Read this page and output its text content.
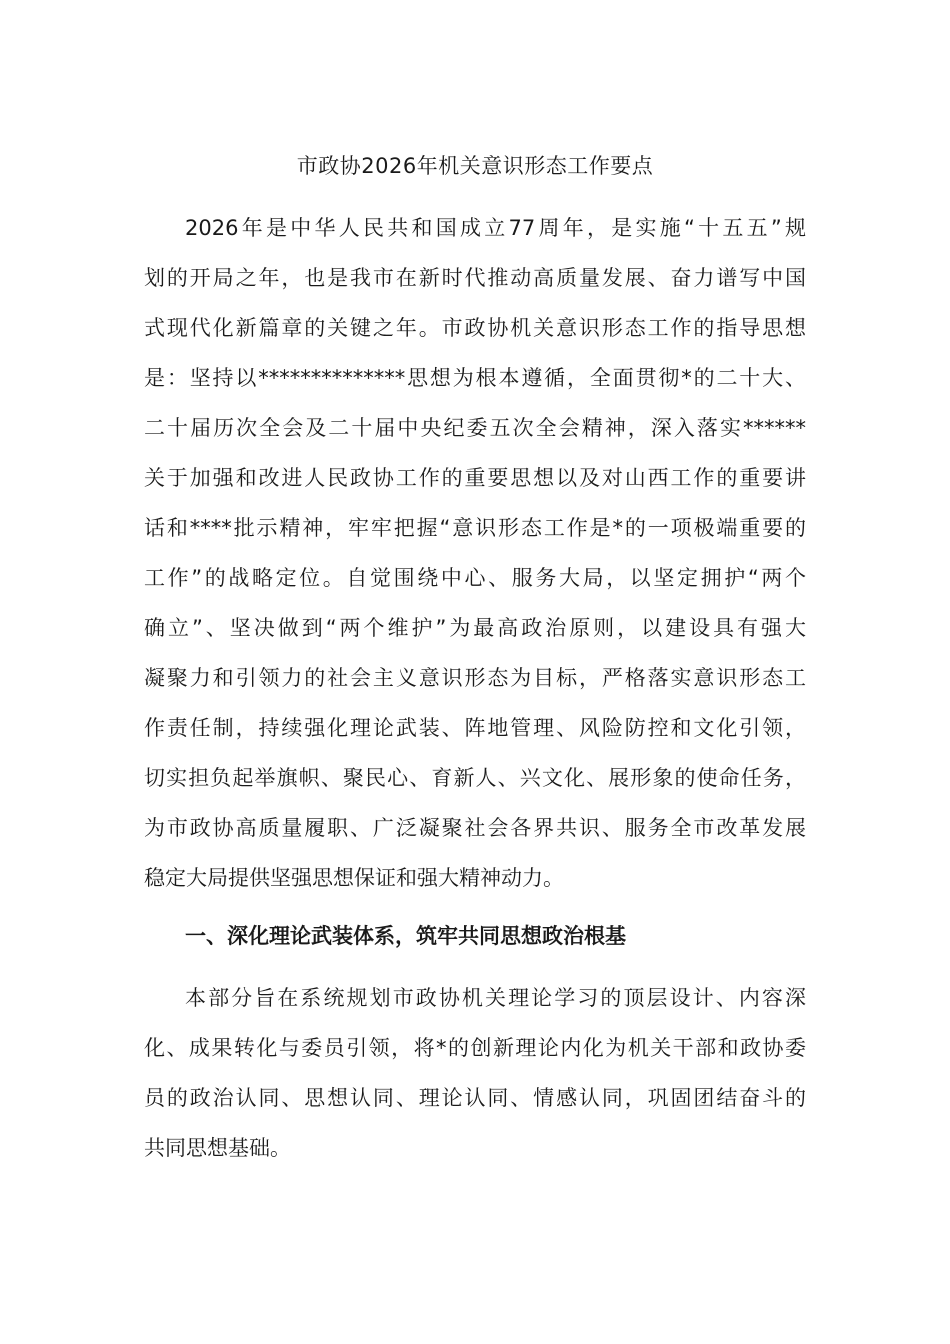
市政协2026年机关意识形态工作要点
2026年是中华人民共和国成立77周年，是实施“十五五”规
划的开局之年，也是我市在新时代推动高质量发展、奋力谱写中国
式现代化新篇章的关键之年。市政协机关意识形态工作的指导思想
是：坚持以**************思想为根本遵循，全面贯彻*的二十大、
二十届历次全会及二十届中央纪委五次全会精神，深入落实******
关于加强和改进人民政协工作的重要思想以及对山西工作的重要讲
话和****批示精神，牢牢把握“意识形态工作是*的一项极端重要的
工作”的战略定位。自觉围绕中心、服务大局，以坚定拥护“两个
确立”、坚决做到“两个维护”为最高政治原则，以建设具有强大
凝聚力和引领力的社会主义意识形态为目标，严格落实意识形态工
作责任制，持续强化理论武装、阵地管理、风险防控和文化引领，
切实担负起举旗帜、聚民心、育新人、兴文化、展形象的使命任务，
为市政协高质量履职、广泛凝聚社会各界共识、服务全市改革发展
稳定大局提供坚强思想保证和强大精神动力。
一、深化理论武装体系，筑牢共同思想政治根基
本部分旨在系统规划市政协机关理论学习的顶层设计、内容深
化、成果转化与委员引领，将*的创新理论内化为机关干部和政协委
员的政治认同、思想认同、理论认同、情感认同，巩固团结奋斗的
共同思想基础。
